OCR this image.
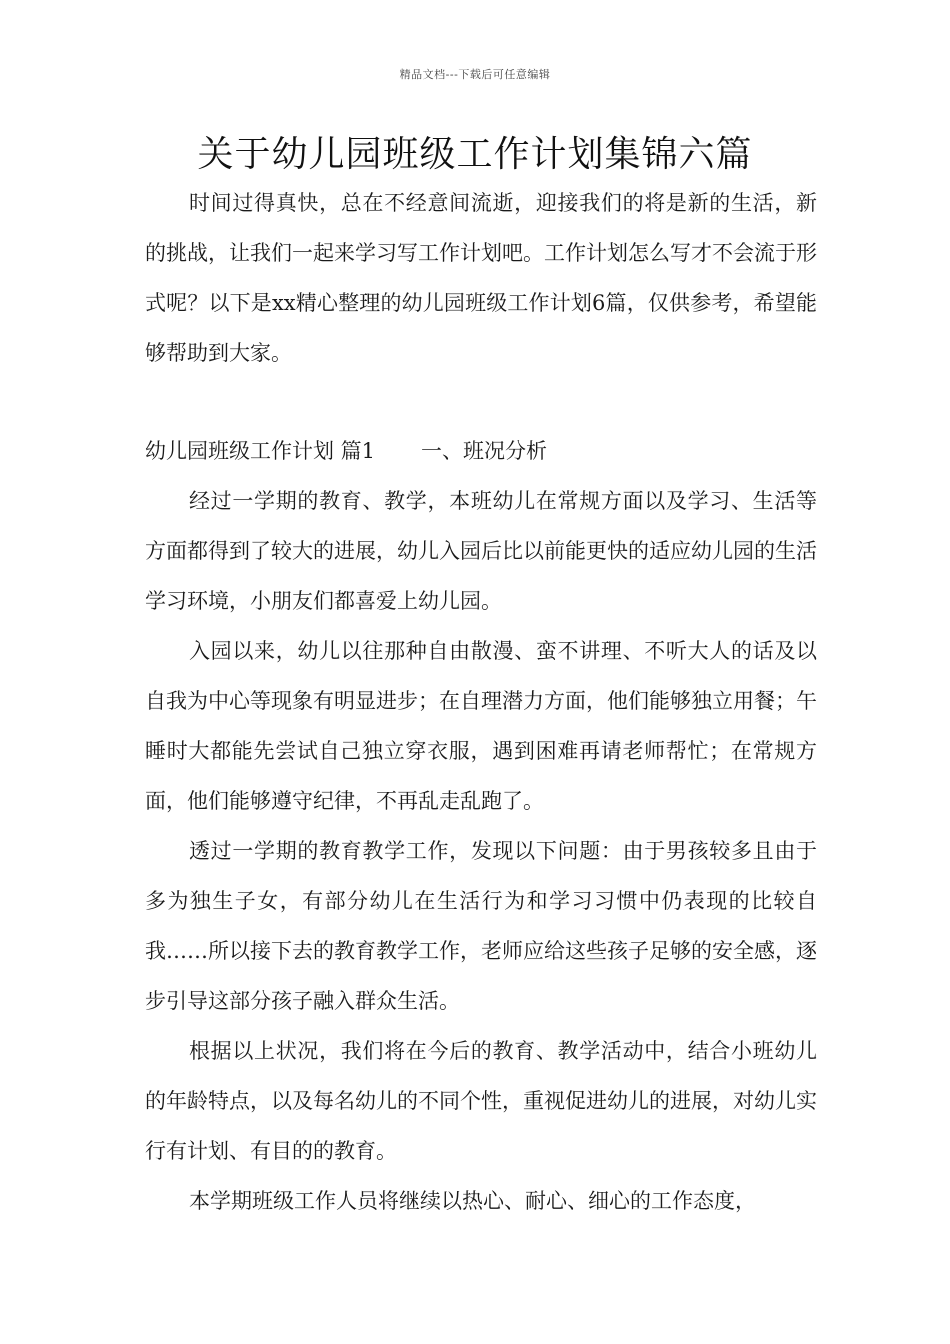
精品文档---下载后可任意编辑
关于幼儿园班级工作计划集锦六篇

时间过得真快，总在不经意间流逝，迎接我们的将是新的生活，新的挑战，让我们一起来学习写工作计划吧。工作计划怎么写才不会流于形式呢？以下是xx精心整理的幼儿园班级工作计划6篇，仅供参考，希望能够帮助到大家。

幼儿园班级工作计划 篇1 一、班况分析

经过一学期的教育、教学，本班幼儿在常规方面以及学习、生活等方面都得到了较大的进展，幼儿入园后比以前能更快的适应幼儿园的生活学习环境，小朋友们都喜爱上幼儿园。

入园以来，幼儿以往那种自由散漫、蛮不讲理、不听大人的话及以自我为中心等现象有明显进步；在自理潜力方面，他们能够独立用餐；午睡时大都能先尝试自己独立穿衣服，遇到困难再请老师帮忙；在常规方面，他们能够遵守纪律，不再乱走乱跑了。

透过一学期的教育教学工作，发现以下问题：由于男孩较多且由于多为独生子女，有部分幼儿在生活行为和学习习惯中仍表现的比较自我……所以接下去的教育教学工作，老师应给这些孩子足够的安全感，逐步引导这部分孩子融入群众生活。

根据以上状况，我们将在今后的教育、教学活动中，结合小班幼儿的年龄特点，以及每名幼儿的不同个性，重视促进幼儿的进展，对幼儿实行有计划、有目的的教育。

本学期班级工作人员将继续以热心、耐心、细心的工作态度，
